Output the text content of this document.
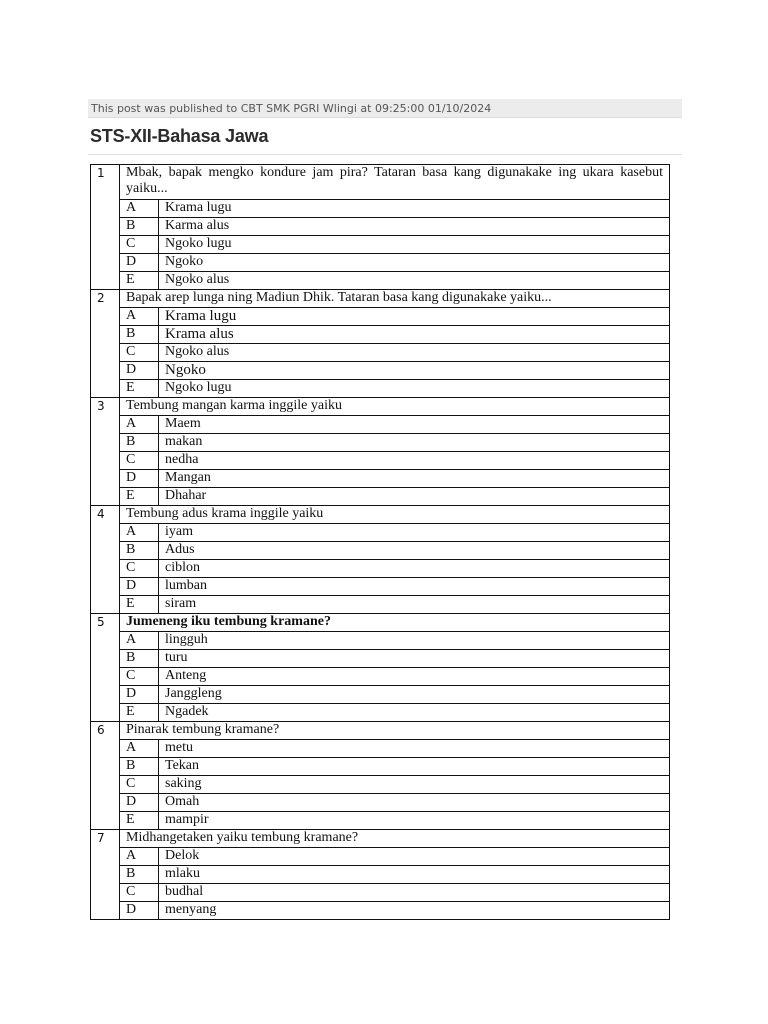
This post was published to CBT SMK PGRI Wlingi at 09:25:00 01/10/2024
STS-XII-Bahasa Jawa
1	Mbak, bapak mengko kondure jam pira? Tataran basa kang digunakake ing ukara kasebut yaiku...	
	A	Krama lugu
	B	Karma alus
	C	Ngoko lugu
	D	Ngoko
	E	Ngoko alus
2	Bapak arep lunga ning Madiun Dhik. Tataran basa kang digunakake yaiku...	
	A	Krama lugu
	B	Krama alus
	C	Ngoko alus
	D	Ngoko
	E	Ngoko lugu
3	Tembung mangan karma inggile yaiku	
	A	Maem
	B	makan
	C	nedha
	D	Mangan
	E	Dhahar
4	Tembung adus krama inggile yaiku	
	A	iyam
	B	Adus
	C	ciblon
	D	lumban
	E	siram
5	Jumeneng iku tembung kramane?	
	A	lingguh
	B	turu
	C	Anteng
	D	Janggleng
	E	Ngadek
6	Pinarak tembung kramane?	
	A	metu
	B	Tekan
	C	saking
	D	Omah
	E	mampir
7	Midhangetaken yaiku tembung kramane?	
	A	Delok
	B	mlaku
	C	budhal
	D	menyang
